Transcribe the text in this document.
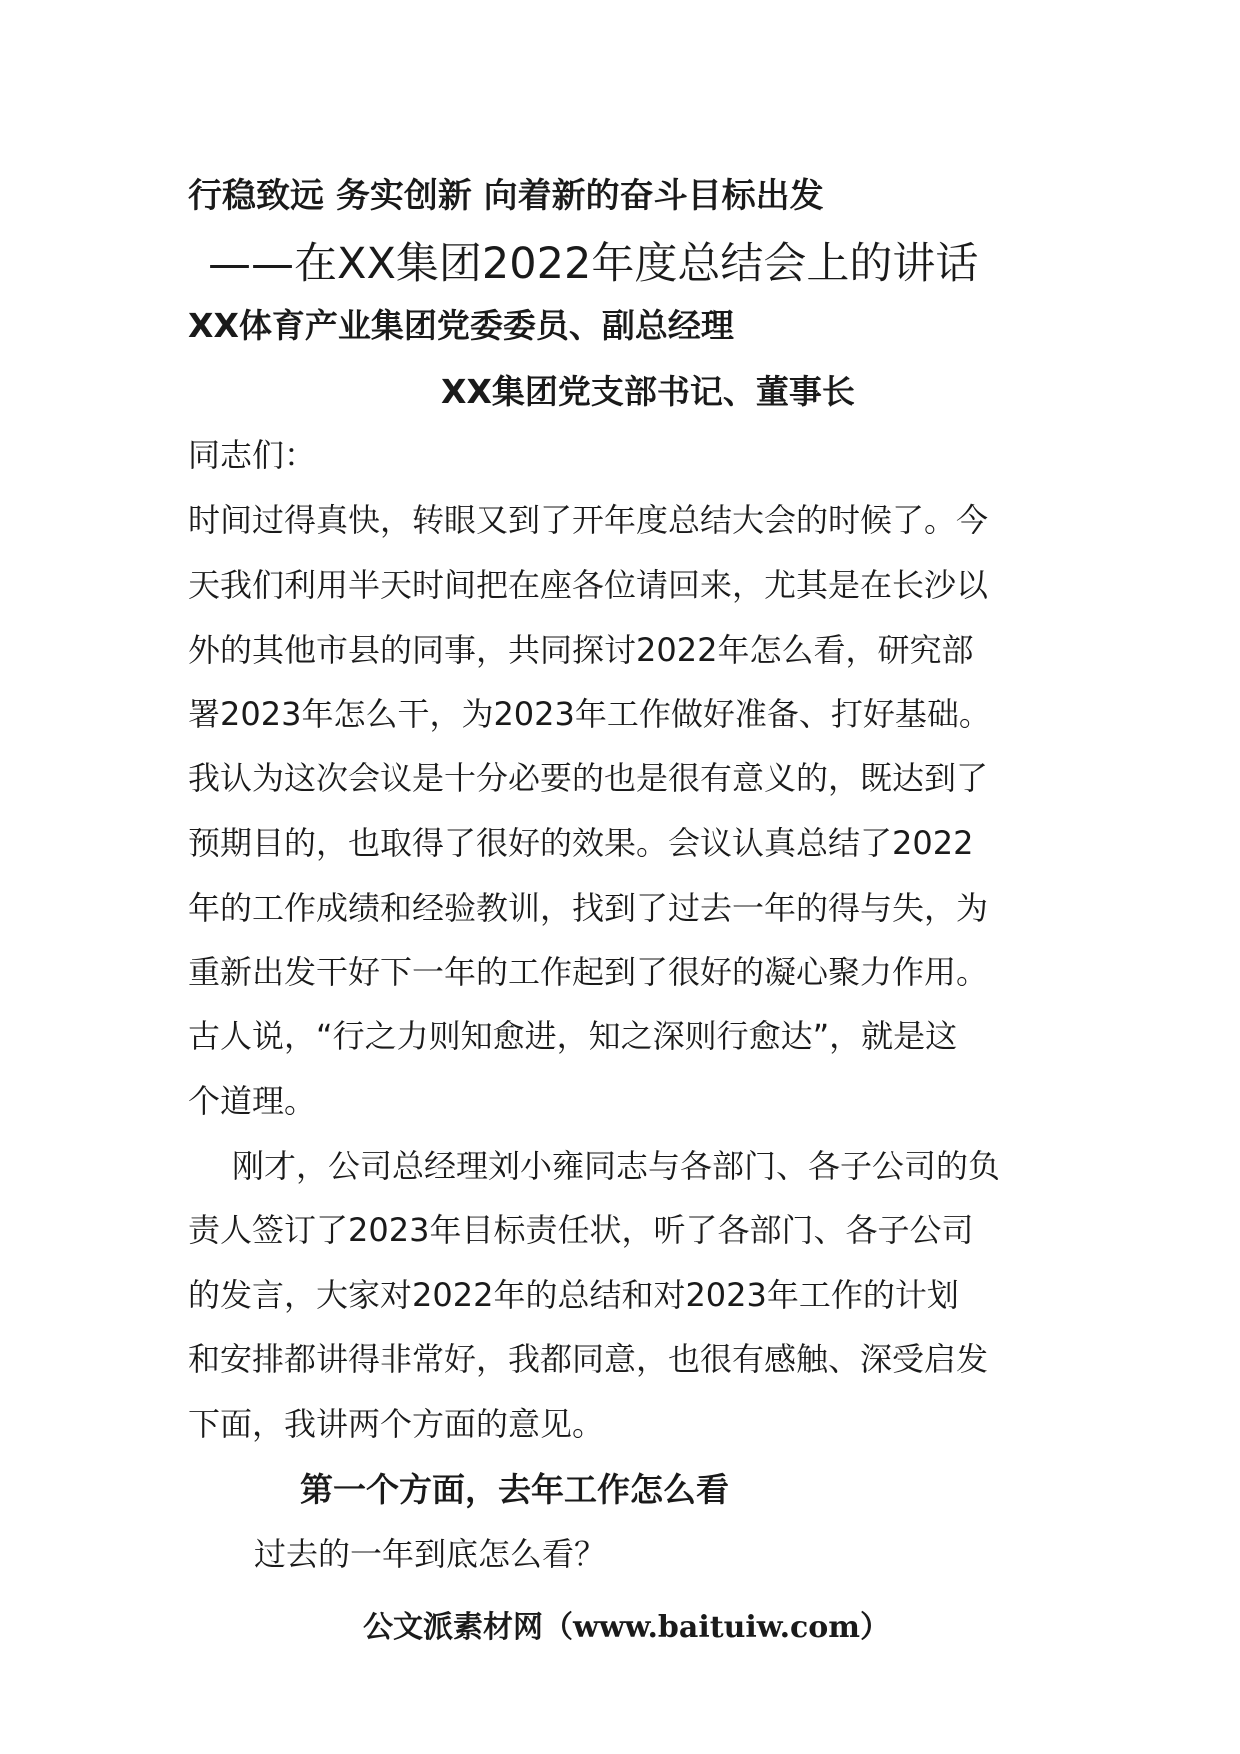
行稳致远 务实创新 向着新的奋斗目标出发
——在XX集团2022年度总结会上的讲话
XX体育产业集团党委委员、副总经理
XX集团党支部书记、董事长
同志们：
时间过得真快，转眼又到了开年度总结大会的时候了。今
天我们利用半天时间把在座各位请回来，尤其是在长沙以
外的其他市县的同事，共同探讨2022年怎么看，研究部
署2023年怎么干，为2023年工作做好准备、打好基础。
我认为这次会议是十分必要的也是很有意义的，既达到了
预期目的，也取得了很好的效果。会议认真总结了2022
年的工作成绩和经验教训，找到了过去一年的得与失，为
重新出发干好下一年的工作起到了很好的凝心聚力作用。
古人说，“行之力则知愈进，知之深则行愈达”，就是这
个道理。
刚才，公司总经理刘小雍同志与各部门、各子公司的负
责人签订了2023年目标责任状，听了各部门、各子公司
的发言，大家对2022年的总结和对2023年工作的计划
和安排都讲得非常好，我都同意，也很有感触、深受启发
下面，我讲两个方面的意见。
第一个方面，去年工作怎么看
过去的一年到底怎么看？
公文派素材网（www.baituiw.com）
